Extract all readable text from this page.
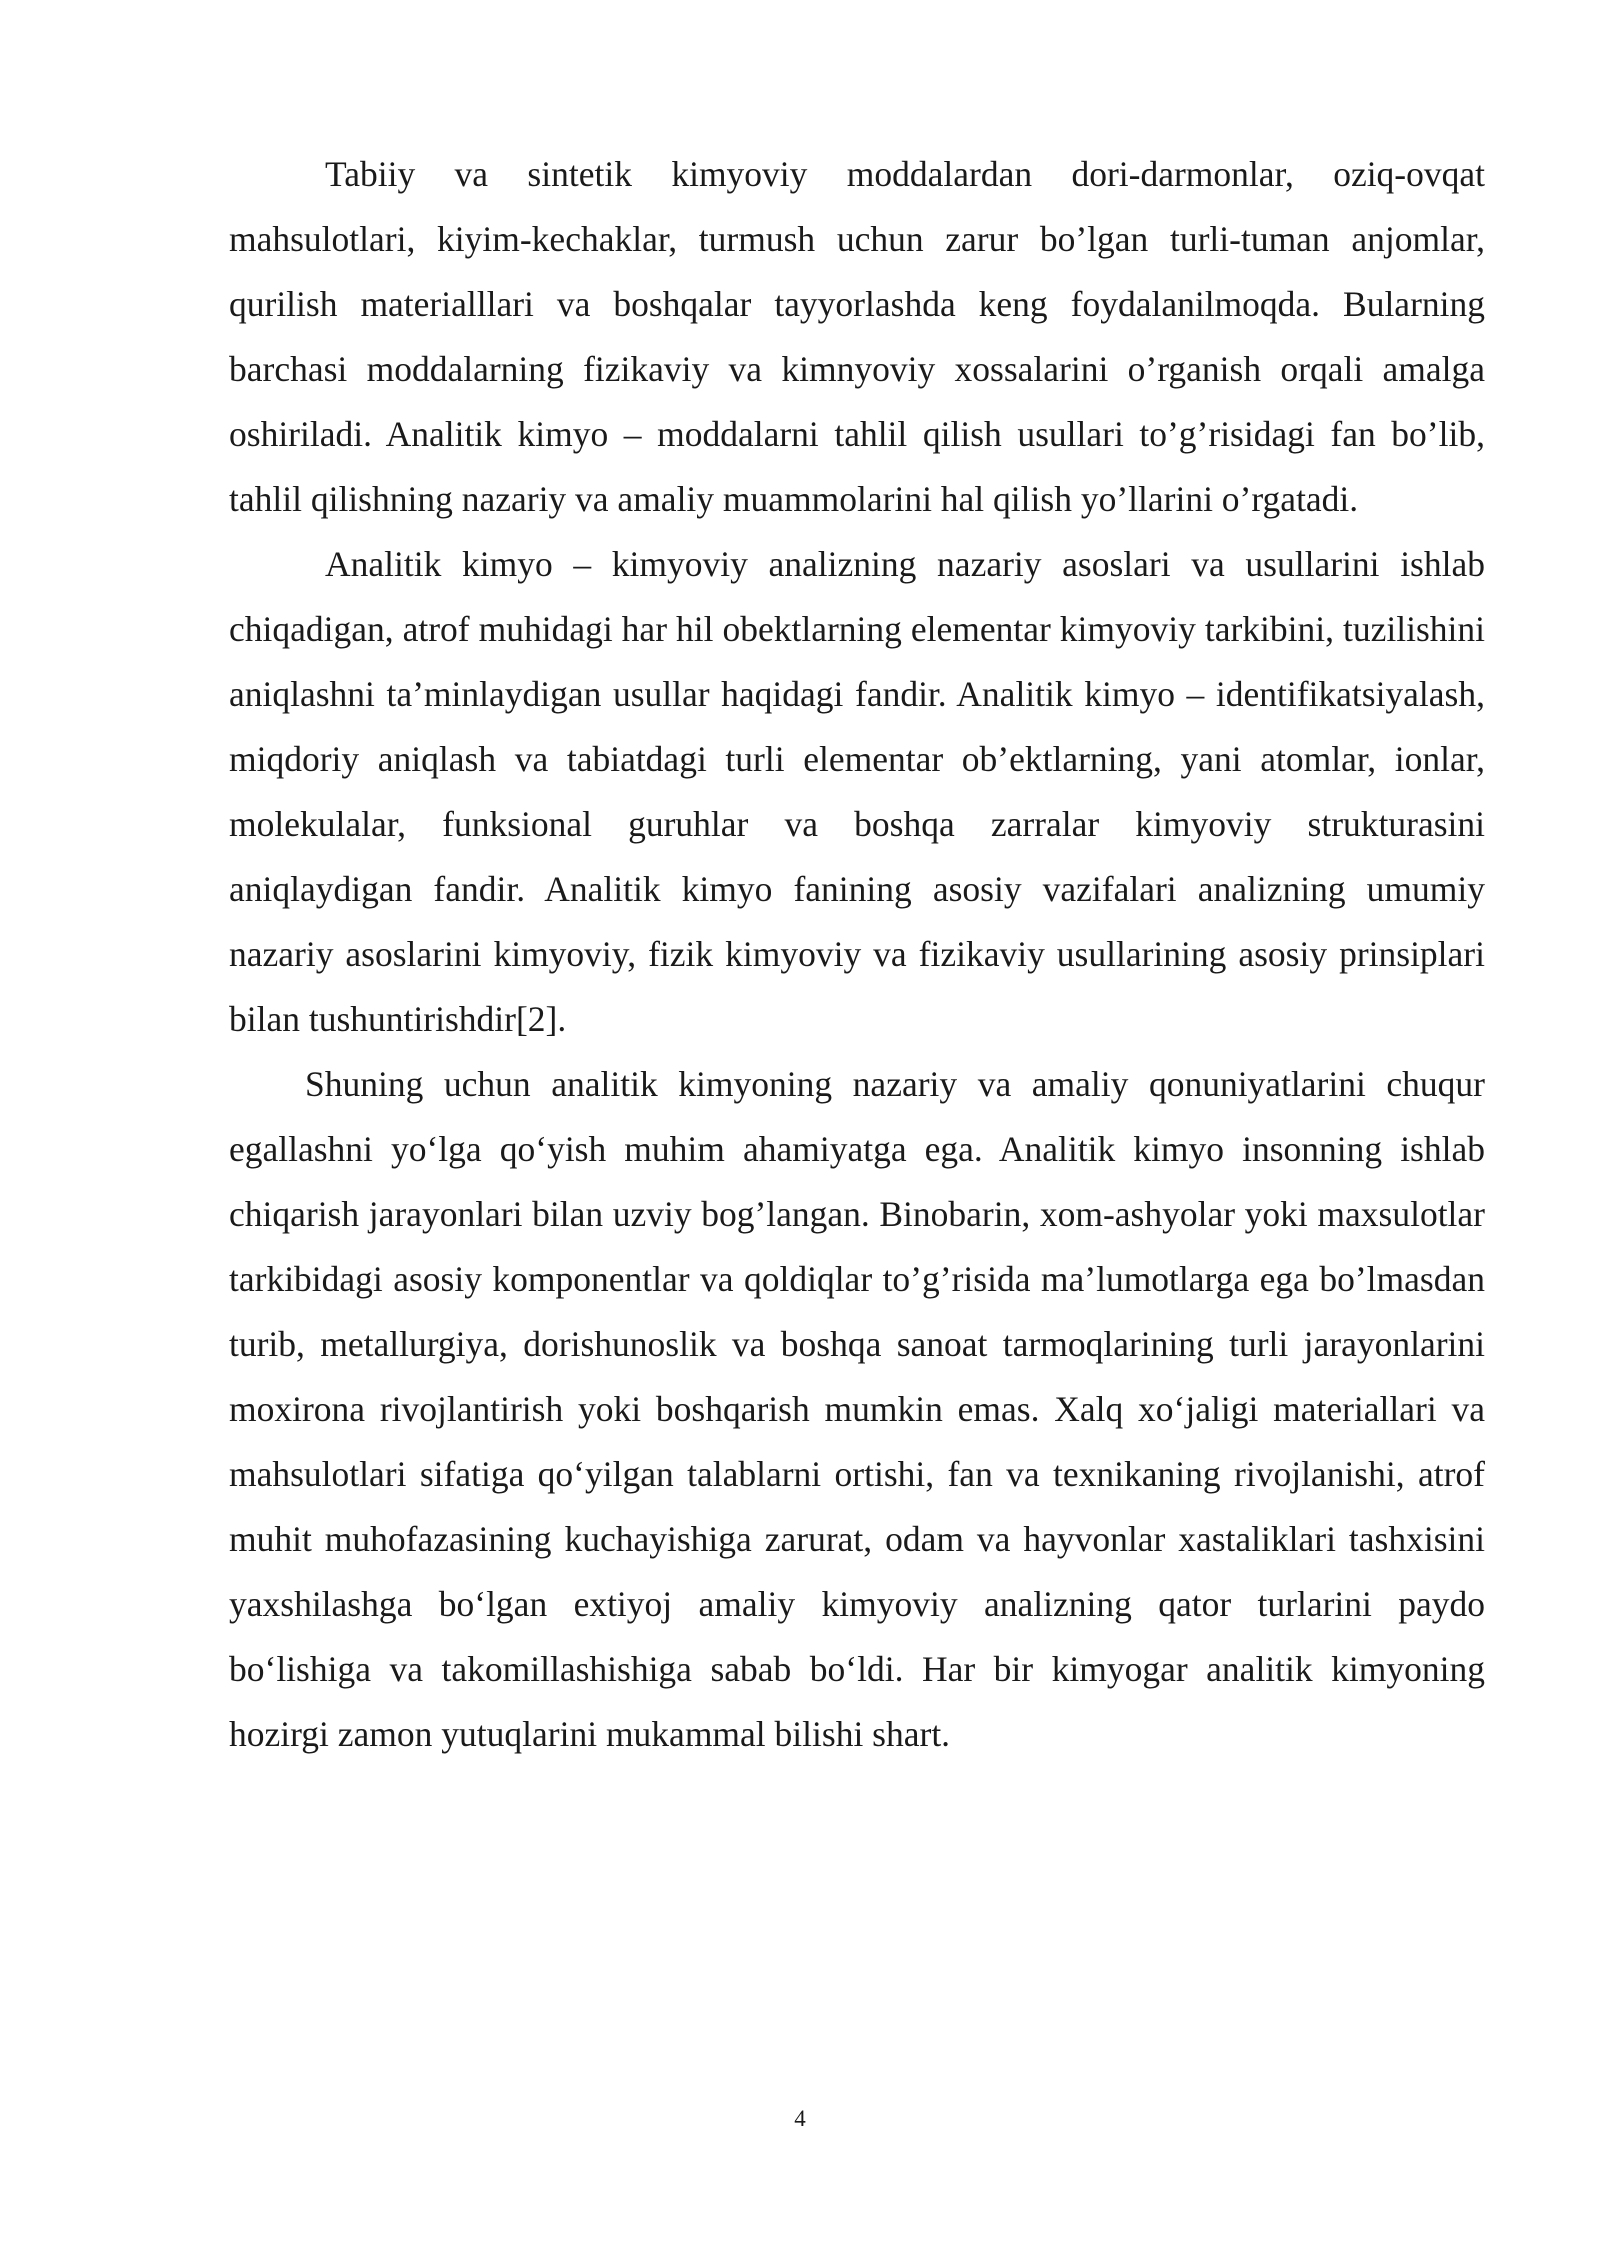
Tabiiy va sintetik kimyoviy moddalardan dori-darmonlar, oziq-ovqat mahsulotlari, kiyim-kechaklar, turmush uchun zarur bo’lgan turli-tuman anjomlar, qurilish materialllari va boshqalar tayyorlashda keng foydalanilmoqda. Bularning barchasi moddalarning fizikaviy va kimnyoviy xossalarini o’rganish orqali amalga oshiriladi. Analitik kimyo – moddalarni tahlil qilish usullari to’g’risidagi fan bo’lib, tahlil qilishning nazariy va amaliy muammolarini hal qilish yo’llarini o’rgatadi.

Analitik kimyo – kimyoviy analizning nazariy asoslari va usullarini ishlab chiqadigan, atrof muhidagi har hil obektlarning elementar kimyoviy tarkibini, tuzilishini aniqlashni ta’minlaydigan usullar haqidagi fandir. Analitik kimyo – identifikatsiyalash, miqdoriy aniqlash va tabiatdagi turli elementar ob’ektlarning, yani atomlar, ionlar, molekulalar, funksional guruhlar va boshqa zarralar kimyoviy strukturasini aniqlaydigan fandir. Analitik kimyo fanining asosiy vazifalari analizning umumiy nazariy asoslarini kimyoviy, fizik kimyoviy va fizikaviy usullarining asosiy prinsiplari bilan tushuntirishdir[2].

Shuning uchun analitik kimyoning nazariy va amaliy qonuniyatlarini chuqur egallashni yo‘lga qo‘yish muhim ahamiyatga ega. Analitik kimyo insonning ishlab chiqarish jarayonlari bilan uzviy bog’langan. Binobarin, xom-ashyolar yoki maxsulotlar tarkibidagi asosiy komponentlar va qoldiqlar to’g’risida ma’lumotlarga ega bo’lmasdan turib, metallurgiya, dorishunoslik va boshqa sanoat tarmoqlarining turli jarayonlarini moxirona rivojlantirish yoki boshqarish mumkin emas. Xalq xo‘jaligi materiallari va mahsulotlari sifatiga qo‘yilgan talablarni ortishi, fan va texnikaning rivojlanishi, atrof muhit muhofazasining kuchayishiga zarurat, odam va hayvonlar xastaliklari tashxisini yaxshilashga bo‘lgan extiyoj amaliy kimyoviy analizning qator turlarini paydo bo‘lishiga va takomillashishiga sabab bo‘ldi. Har bir kimyogar analitik kimyoning hozirgi zamon yutuqlarini mukammal bilishi shart.

4
